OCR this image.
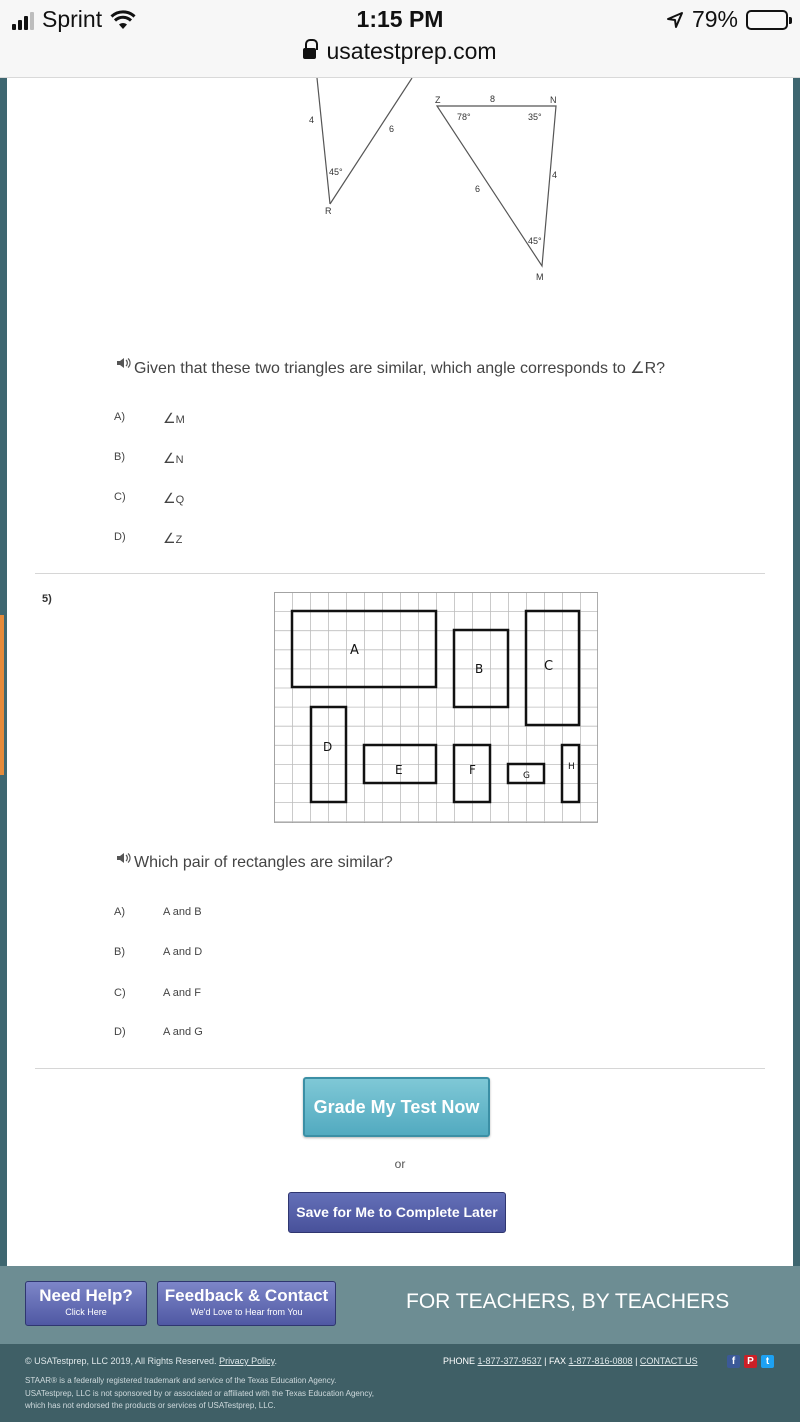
Sprint	1:15 PM	79%
usatestprep.com
4
6
45°
R
Z	N
M
8
4
6
78°	35°
45°
Given that these two triangles are similar, which angle corresponds to ∠R?
A)	∠M
B)	∠N
C)	∠Q
D)	∠Z
5)
A
B	C
D
E	F	G
H
Which pair of rectangles are similar?
A)	A and B
B)	A and D
C)	A and F
D)	A and G
Grade My Test Now
or
Save for Me to Complete Later
Need Help?
Click Here
Feedback & Contact
We'd Love to Hear from You	FOR TEACHERS, BY TEACHERS
© USATestprep, LLC 2019, All Rights Reserved. Privacy Policy.
STAAR® is a federally registered trademark and service of the Texas Education Agency. USATestprep, LLC is not sponsored by or associated or affiliated with the Texas Education Agency, which has not endorsed the products or services of USATestprep, LLC.
PHONE 1-877-377-9537 | FAX 1-877-816-0808 | CONTACT US	f	P	t
